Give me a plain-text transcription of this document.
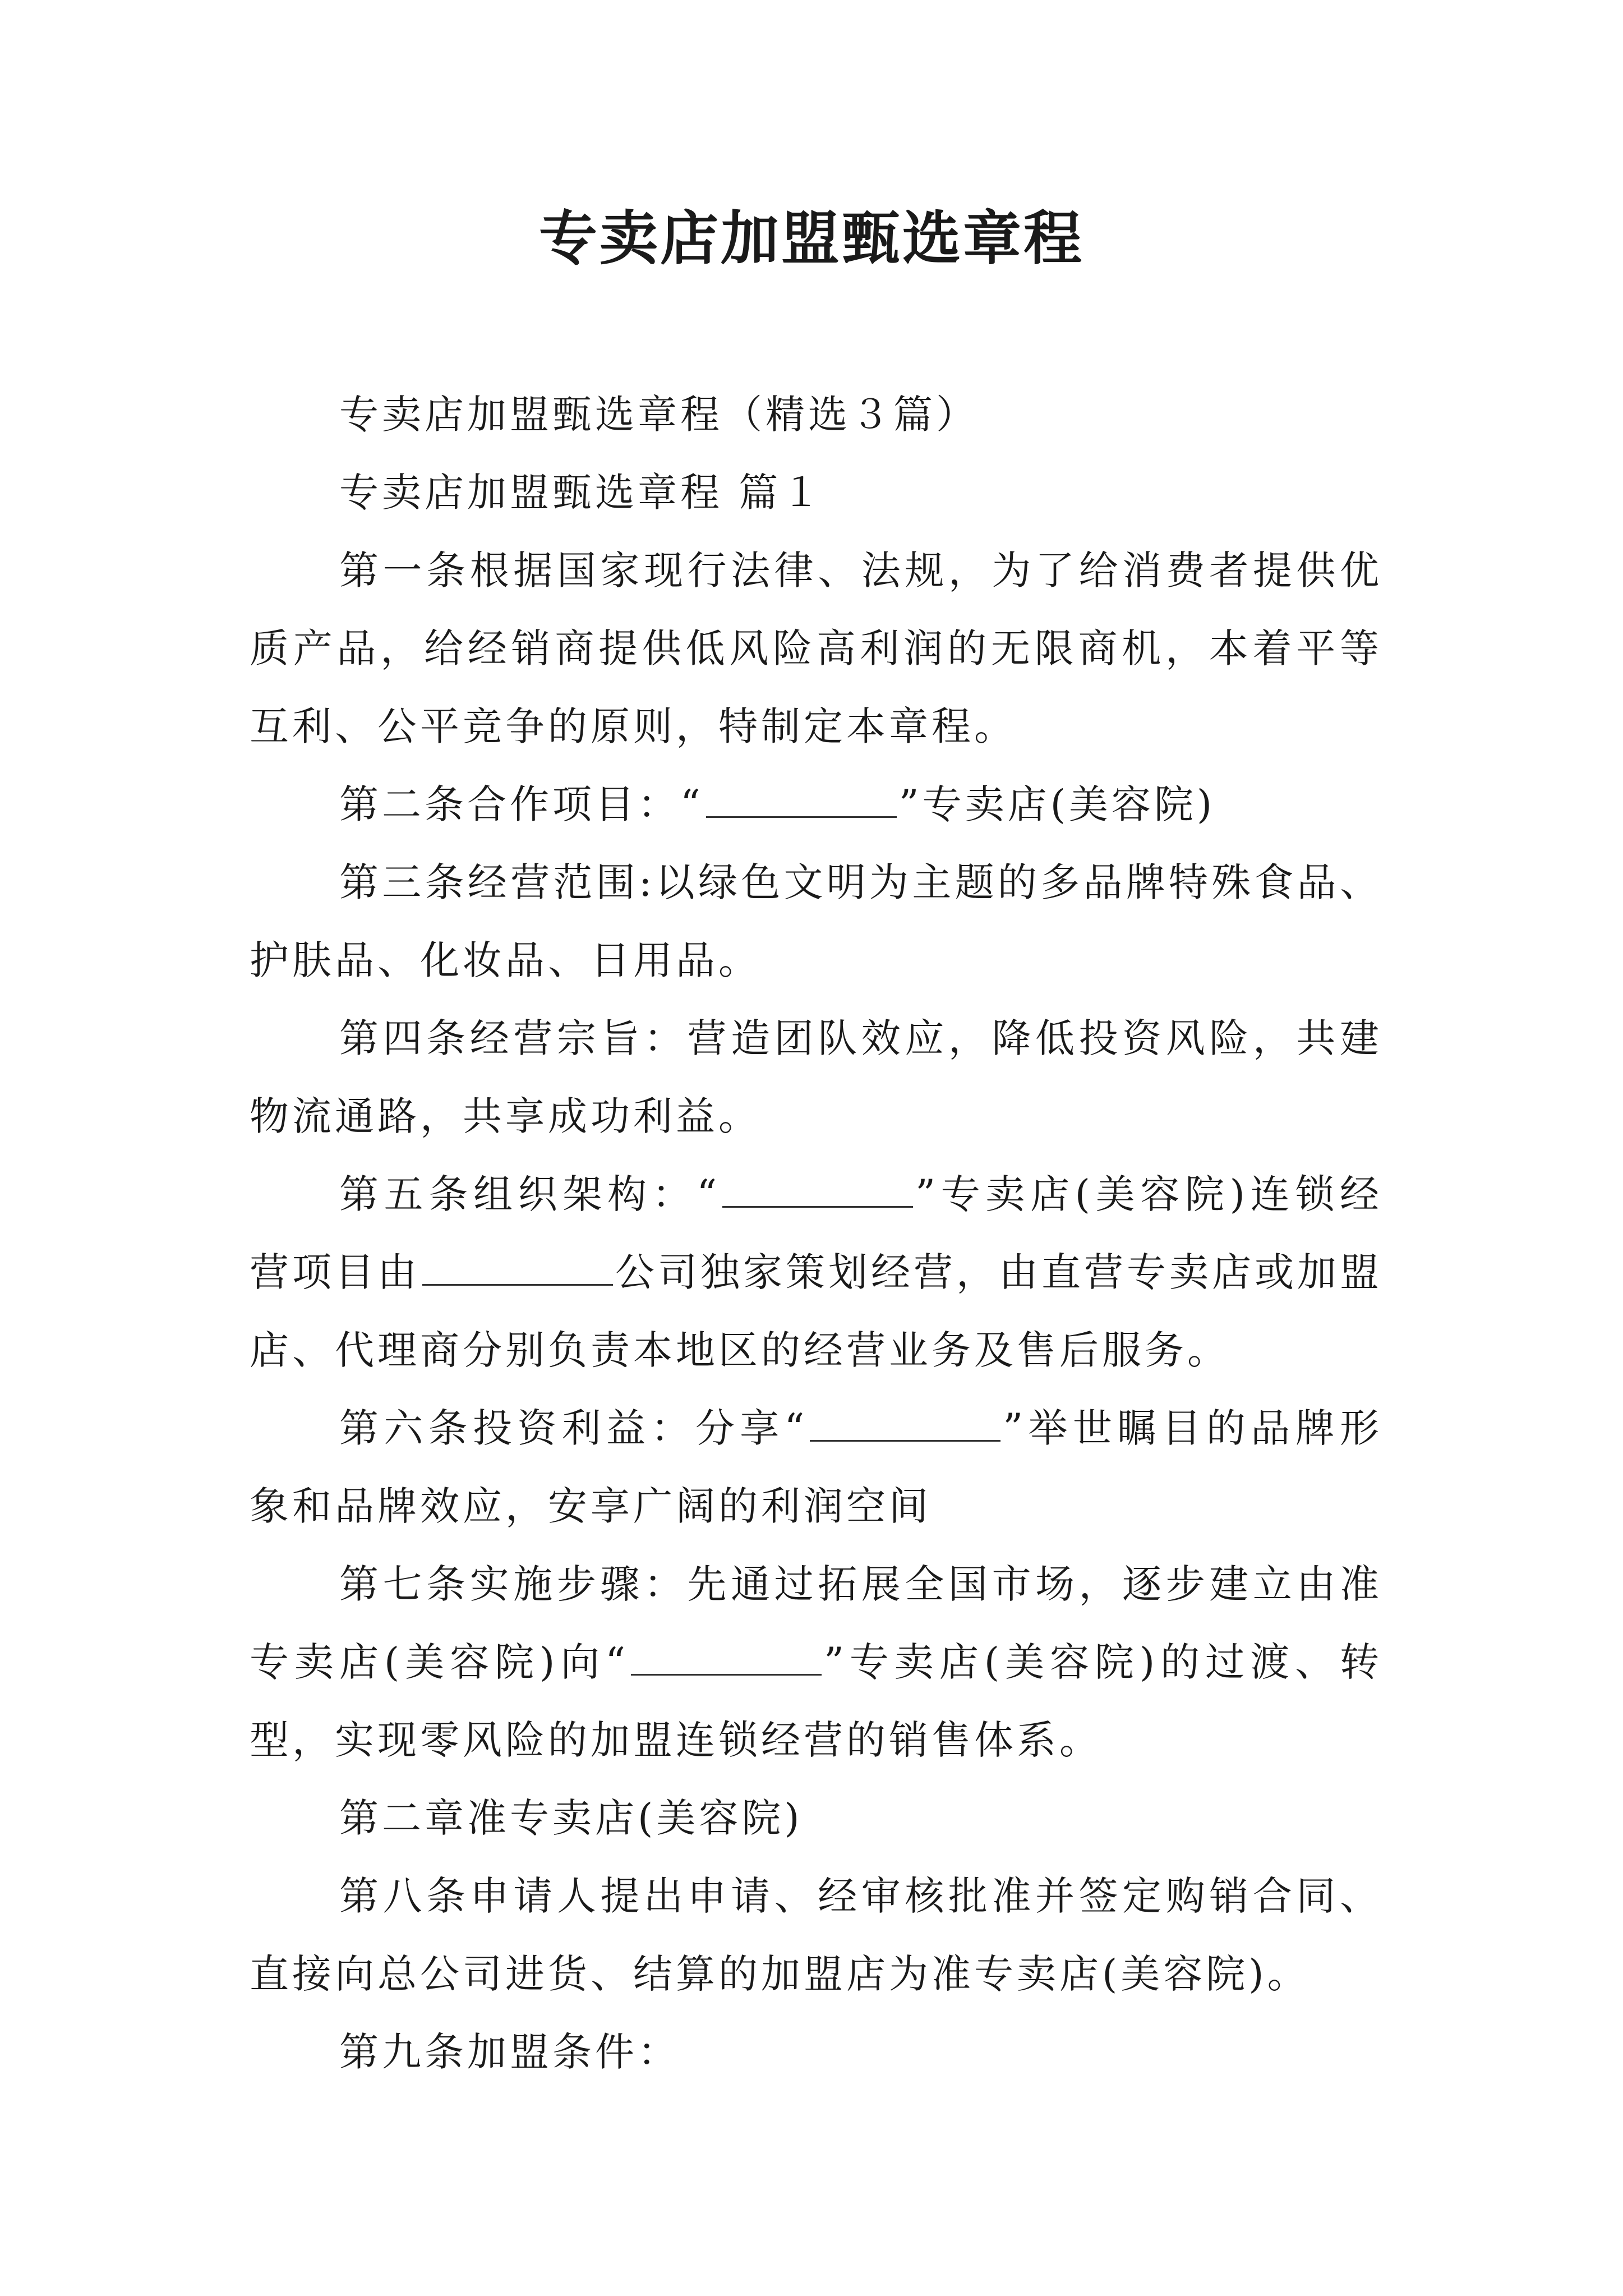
专卖店加盟甄选章程

专卖店加盟甄选章程（精选３篇）

专卖店加盟甄选章程 篇１

第一条根据国家现行法律、法规，为了给消费者提供优质产品，给经销商提供低风险高利润的无限商机，本着平等互利、公平竞争的原则，特制定本章程。

第二条合作项目：“	”专卖店(美容院)

第三条经营范围:以绿色文明为主题的多品牌特殊食品、护肤品、化妆品、日用品。

第四条经营宗旨：营造团队效应，降低投资风险，共建物流通路，共享成功利益。

第五条组织架构：“	”专卖店(美容院)连锁经营项目由	公司独家策划经营，由直营专卖店或加盟店、代理商分别负责本地区的经营业务及售后服务。

第六条投资利益：分享“	”举世瞩目的品牌形象和品牌效应，安享广阔的利润空间

第七条实施步骤：先通过拓展全国市场，逐步建立由准专卖店(美容院)向“	”专卖店(美容院)的过渡、转型，实现零风险的加盟连锁经营的销售体系。

第二章准专卖店(美容院)

第八条申请人提出申请、经审核批准并签定购销合同、直接向总公司进货、结算的加盟店为准专卖店(美容院)。

第九条加盟条件：
